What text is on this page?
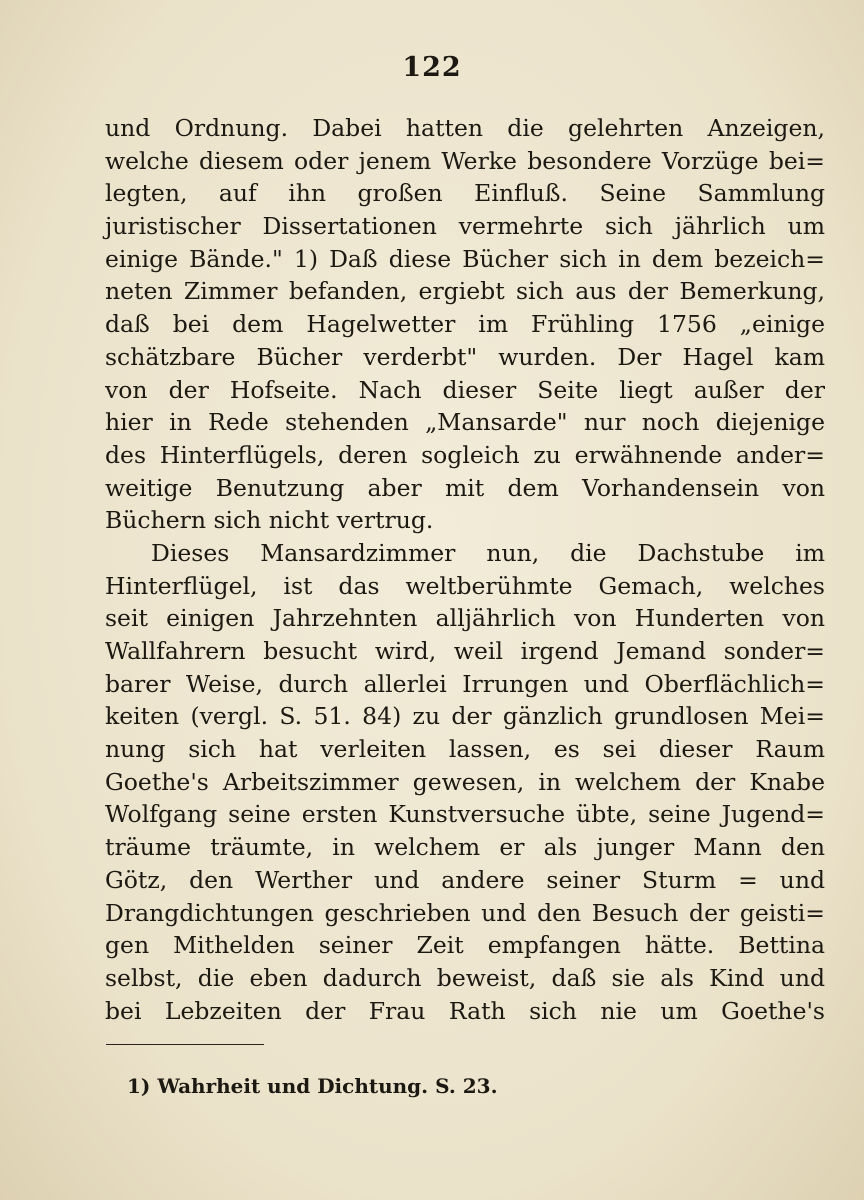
122
und Ordnung. Dabei hatten die gelehrten Anzeigen,
welche diesem oder jenem Werke besondere Vorzüge bei=
legten, auf ihn großen Einfluß. Seine Sammlung
juristischer Dissertationen vermehrte sich jährlich um
einige Bände." 1) Daß diese Bücher sich in dem bezeich=
neten Zimmer befanden, ergiebt sich aus der Bemerkung,
daß bei dem Hagelwetter im Frühling 1756 „einige
schätzbare Bücher verderbt" wurden. Der Hagel kam
von der Hofseite. Nach dieser Seite liegt außer der
hier in Rede stehenden „Mansarde" nur noch diejenige
des Hinterflügels, deren sogleich zu erwähnende ander=
weitige Benutzung aber mit dem Vorhandensein von
Büchern sich nicht vertrug.
Dieses Mansardzimmer nun, die Dachstube im
Hinterflügel, ist das weltberühmte Gemach, welches
seit einigen Jahrzehnten alljährlich von Hunderten von
Wallfahrern besucht wird, weil irgend Jemand sonder=
barer Weise, durch allerlei Irrungen und Oberflächlich=
keiten (vergl. S. 51. 84) zu der gänzlich grundlosen Mei=
nung sich hat verleiten lassen, es sei dieser Raum
Goethe's Arbeitszimmer gewesen, in welchem der Knabe
Wolfgang seine ersten Kunstversuche übte, seine Jugend=
träume träumte, in welchem er als junger Mann den
Götz, den Werther und andere seiner Sturm = und
Drangdichtungen geschrieben und den Besuch der geisti=
gen Mithelden seiner Zeit empfangen hätte. Bettina
selbst, die eben dadurch beweist, daß sie als Kind und
bei Lebzeiten der Frau Rath sich nie um Goethe's
1) Wahrheit und Dichtung. S. 23.
